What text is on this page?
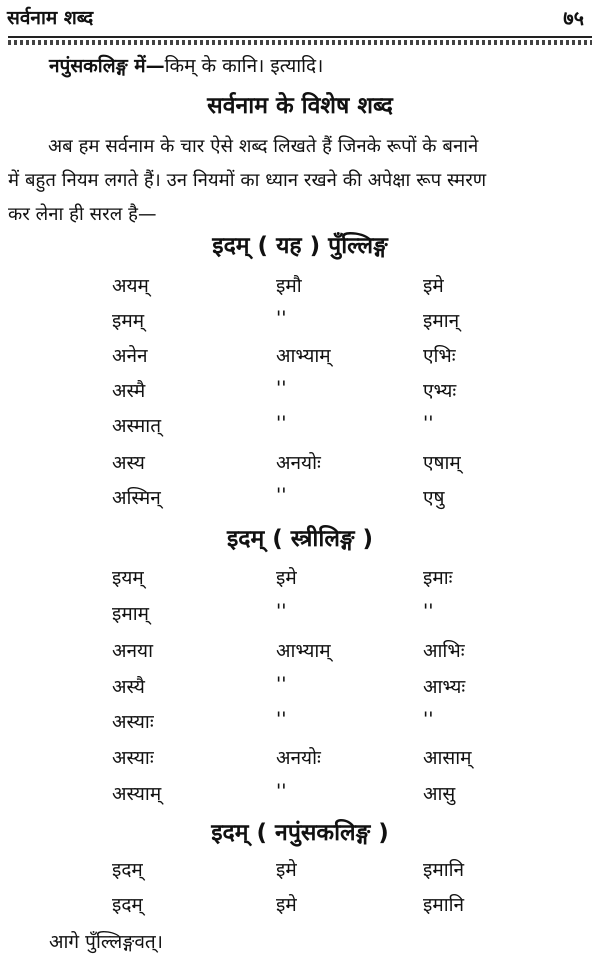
सर्वनाम शब्द	७५
नपुंसकलिङ्ग में—किम् के कानि। इत्यादि।
सर्वनाम के विशेष शब्द
अब हम सर्वनाम के चार ऐसे शब्द लिखते हैं जिनके रूपों के बनाने
में बहुत नियम लगते हैं। उन नियमों का ध्यान रखने की अपेक्षा रूप स्मरण
कर लेना ही सरल है—
इदम् ( यह ) पुँल्लिङ्ग
अयम्	इमौ	इमे
इमम्	''	इमान्
अनेन	आभ्याम्	एभिः
अस्मै	''	एभ्यः
अस्मात्	''	''
अस्य	अनयोः	एषाम्
अस्मिन्	''	एषु
इदम् ( स्त्रीलिङ्ग )
इयम्	इमे	इमाः
इमाम्	''	''
अनया	आभ्याम्	आभिः
अस्यै	''	आभ्यः
अस्याः	''	''
अस्याः	अनयोः	आसाम्
अस्याम्	''	आसु
इदम् ( नपुंसकलिङ्ग )
इदम्	इमे	इमानि
इदम्	इमे	इमानि
आगे पुँल्लिङ्गवत्।
